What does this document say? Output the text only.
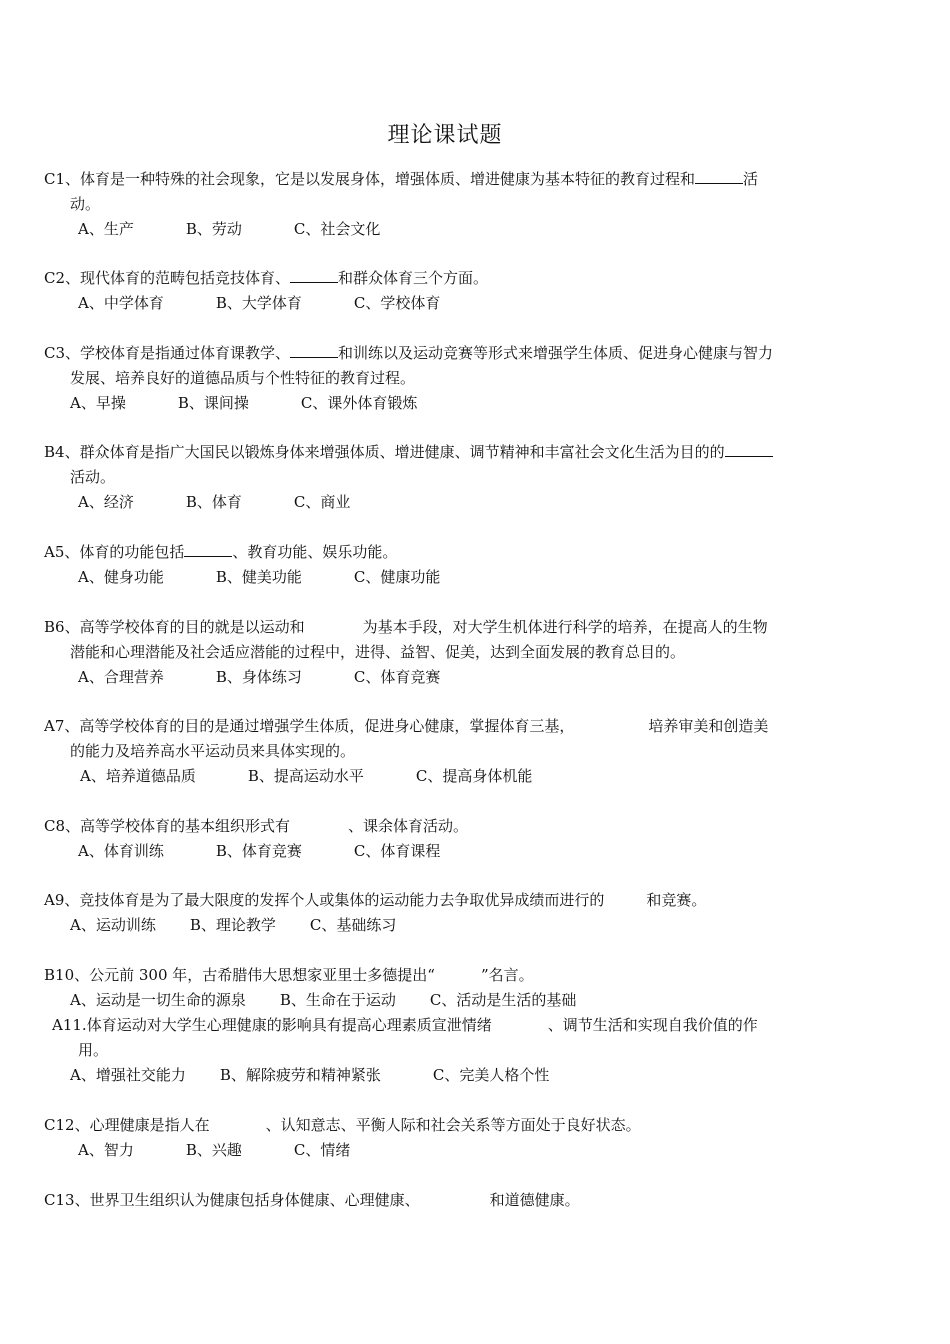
理论课试题
C1、体育是一种特殊的社会现象，它是以发展身体，增强体质、增进健康为基本特征的教育过程和	活
动。
A、生产	B、劳动	C、社会文化
C2、现代体育的范畴包括竞技体育、	和群众体育三个方面。
A、中学体育	B、大学体育	C、学校体育
C3、学校体育是指通过体育课教学、	和训练以及运动竞赛等形式来增强学生体质、促进身心健康与智力
发展、培养良好的道德品质与个性特征的教育过程。
A、早操	B、课间操	C、课外体育锻炼
B4、群众体育是指广大国民以锻炼身体来增强体质、增进健康、调节精神和丰富社会文化生活为目的的
活动。
A、经济	B、体育	C、商业
A5、体育的功能包括	、教育功能、娱乐功能。
A、健身功能	B、健美功能	C、健康功能
B6、高等学校体育的目的就是以运动和	为基本手段，对大学生机体进行科学的培养，在提高人的生物
潜能和心理潜能及社会适应潜能的过程中，进得、益智、促美，达到全面发展的教育总目的。
A、合理营养	B、身体练习	C、体育竞赛
A7、高等学校体育的目的是通过增强学生体质，促进身心健康，掌握体育三基，	培养审美和创造美
的能力及培养高水平运动员来具体实现的。
A、培养道德品质	B、提高运动水平	C、提高身体机能
C8、高等学校体育的基本组织形式有	、课余体育活动。
A、体育训练	B、体育竞赛	C、体育课程
A9、竞技体育是为了最大限度的发挥个人或集体的运动能力去争取优异成绩而进行的	和竞赛。
A、运动训练 B、理论教学 C、基础练习
B10、公元前 300 年，古希腊伟大思想家亚里士多德提出“	”名言。
A、运动是一切生命的源泉 B、生命在于运动 C、活动是生活的基础
A11.体育运动对大学生心理健康的影响具有提高心理素质宣泄情绪	、调节生活和实现自我价值的作
用。
A、增强社交能力 B、解除疲劳和精神紧张	C、完美人格个性
C12、心理健康是指人在	、认知意志、平衡人际和社会关系等方面处于良好状态。
A、智力	B、兴趣	C、情绪
C13、世界卫生组织认为健康包括身体健康、心理健康、	和道德健康。
